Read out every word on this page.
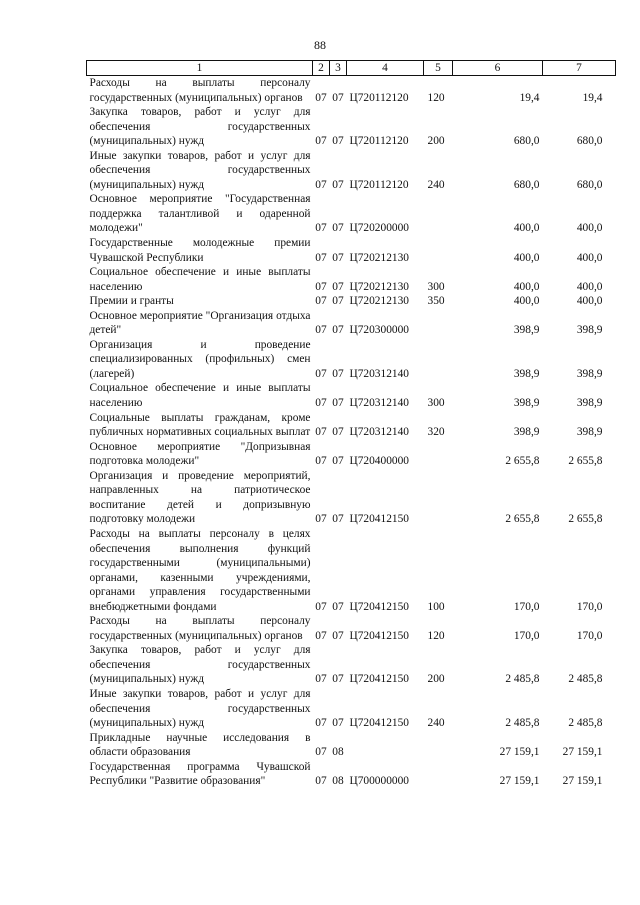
88
1	2	3	4	5	6	7
Расходы на выплаты персоналу государственных (муниципальных) органов	07	07	Ц720112120	120	19,4	19,4
Закупка товаров, работ и услуг для обеспечения государственных (муниципальных) нужд	07	07	Ц720112120	200	680,0	680,0
Иные закупки товаров, работ и услуг для обеспечения государственных (муниципальных) нужд	07	07	Ц720112120	240	680,0	680,0
Основное мероприятие "Государственная поддержка талантливой и одаренной молодежи"	07	07	Ц720200000		400,0	400,0
Государственные молодежные премии Чувашской Республики	07	07	Ц720212130		400,0	400,0
Социальное обеспечение и иные выплаты населению	07	07	Ц720212130	300	400,0	400,0
Премии и гранты	07	07	Ц720212130	350	400,0	400,0
Основное мероприятие "Организация отдыха детей"	07	07	Ц720300000		398,9	398,9
Организация и проведение специализированных (профильных) смен (лагерей)	07	07	Ц720312140		398,9	398,9
Социальное обеспечение и иные выплаты населению	07	07	Ц720312140	300	398,9	398,9
Социальные выплаты гражданам, кроме публичных нормативных социальных выплат	07	07	Ц720312140	320	398,9	398,9
Основное мероприятие "Допризывная подготовка молодежи"	07	07	Ц720400000		2 655,8	2 655,8
Организация и проведение мероприятий, направленных на патриотическое воспитание детей и допризывную подготовку молодежи	07	07	Ц720412150		2 655,8	2 655,8
Расходы на выплаты персоналу в целях обеспечения выполнения функций государственными (муниципальными) органами, казенными учреждениями, органами управления государственными внебюджетными фондами	07	07	Ц720412150	100	170,0	170,0
Расходы на выплаты персоналу государственных (муниципальных) органов	07	07	Ц720412150	120	170,0	170,0
Закупка товаров, работ и услуг для обеспечения государственных (муниципальных) нужд	07	07	Ц720412150	200	2 485,8	2 485,8
Иные закупки товаров, работ и услуг для обеспечения государственных (муниципальных) нужд	07	07	Ц720412150	240	2 485,8	2 485,8
Прикладные научные исследования в области образования	07	08			27 159,1	27 159,1
Государственная программа Чувашской Республики "Развитие образования"	07	08	Ц700000000		27 159,1	27 159,1
